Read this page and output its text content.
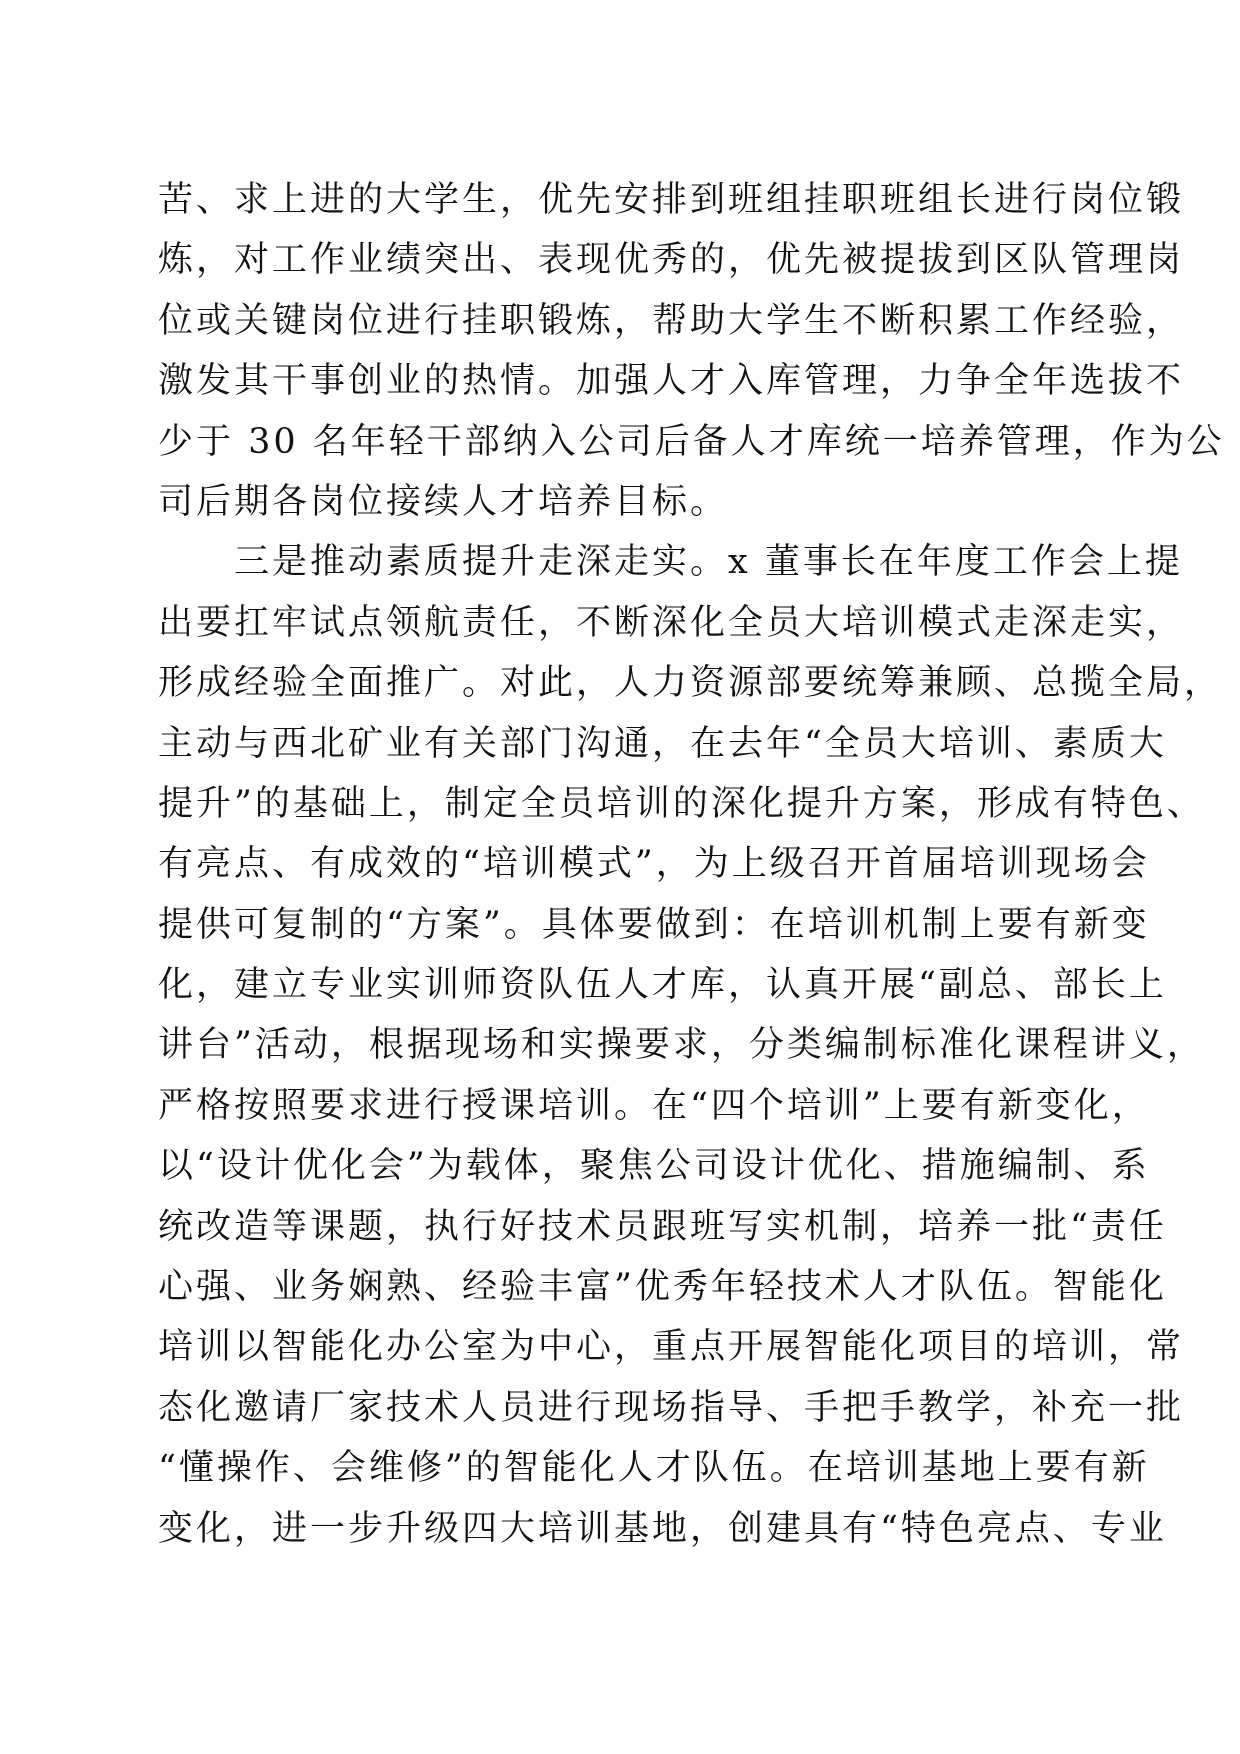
苦、求上进的大学生，优先安排到班组挂职班组长进行岗位锻
炼，对工作业绩突出、表现优秀的，优先被提拔到区队管理岗
位或关键岗位进行挂职锻炼，帮助大学生不断积累工作经验，
激发其干事创业的热情。加强人才入库管理，力争全年选拔不
少于 30 名年轻干部纳入公司后备人才库统一培养管理，作为公
司后期各岗位接续人才培养目标。
　　三是推动素质提升走深走实。x 董事长在年度工作会上提
出要扛牢试点领航责任，不断深化全员大培训模式走深走实，
形成经验全面推广。对此，人力资源部要统筹兼顾、总揽全局，
主动与西北矿业有关部门沟通，在去年“全员大培训、素质大
提升”的基础上，制定全员培训的深化提升方案，形成有特色、
有亮点、有成效的“培训模式”，为上级召开首届培训现场会
提供可复制的“方案”。具体要做到：在培训机制上要有新变
化，建立专业实训师资队伍人才库，认真开展“副总、部长上
讲台”活动，根据现场和实操要求，分类编制标准化课程讲义，
严格按照要求进行授课培训。在“四个培训”上要有新变化，
以“设计优化会”为载体，聚焦公司设计优化、措施编制、系
统改造等课题，执行好技术员跟班写实机制，培养一批“责任
心强、业务娴熟、经验丰富”优秀年轻技术人才队伍。智能化
培训以智能化办公室为中心，重点开展智能化项目的培训，常
态化邀请厂家技术人员进行现场指导、手把手教学，补充一批
“懂操作、会维修”的智能化人才队伍。在培训基地上要有新
变化，进一步升级四大培训基地，创建具有“特色亮点、专业
